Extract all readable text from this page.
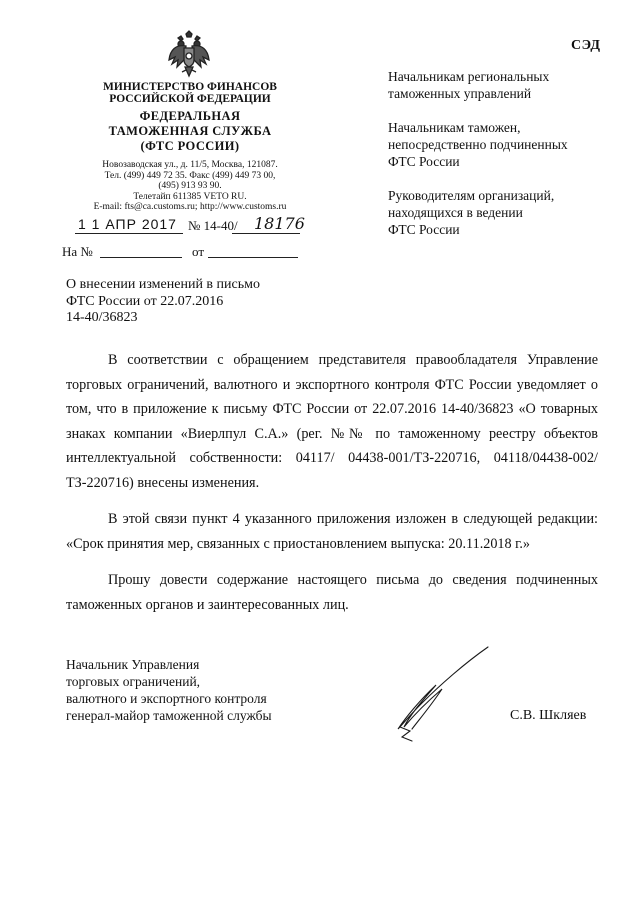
СЭД
МИНИСТЕРСТВО ФИНАНСОВ
РОССИЙСКОЙ ФЕДЕРАЦИИ
ФЕДЕРАЛЬНАЯ
ТАМОЖЕННАЯ СЛУЖБА
(ФТС РОССИИ)
Новозаводская ул., д. 11/5, Москва, 121087.
Тел. (499) 449 72 35. Факс (499) 449 73 00,
(495) 913 93 90.
Телетайп 611385 VETO RU.
E-mail: fts@ca.customs.ru; http://www.customs.ru
1 1 АПР 2017 № 14-40/ 18176
На №	от
Начальникам региональных
таможенных управлений
Начальникам таможен,
непосредственно подчиненных
ФТС России
Руководителям организаций,
находящихся в ведении
ФТС России
О внесении изменений в письмо
ФТС России от 22.07.2016
14-40/36823

В соответствии с обращением представителя правообладателя Управление торговых ограничений, валютного и экспортного контроля ФТС России уведомляет о том, что в приложение к письму ФТС России от 22.07.2016 14-40/36823 «О товарных знаках компании «Виерлпул С.А.» (рег. №№ по таможенному реестру объектов интеллектуальной собственности: 04117/ 04438-001/ТЗ-220716, 04118/04438-002/ТЗ-220716) внесены изменения.

В этой связи пункт 4 указанного приложения изложен в следующей редакции: «Срок принятия мер, связанных с приостановлением выпуска: 20.11.2018 г.»

Прошу довести содержание настоящего письма до сведения подчиненных таможенных органов и заинтересованных лиц.

Начальник Управления
торговых ограничений,
валютного и экспортного контроля
генерал-майор таможенной службы	С.В. Шкляев
